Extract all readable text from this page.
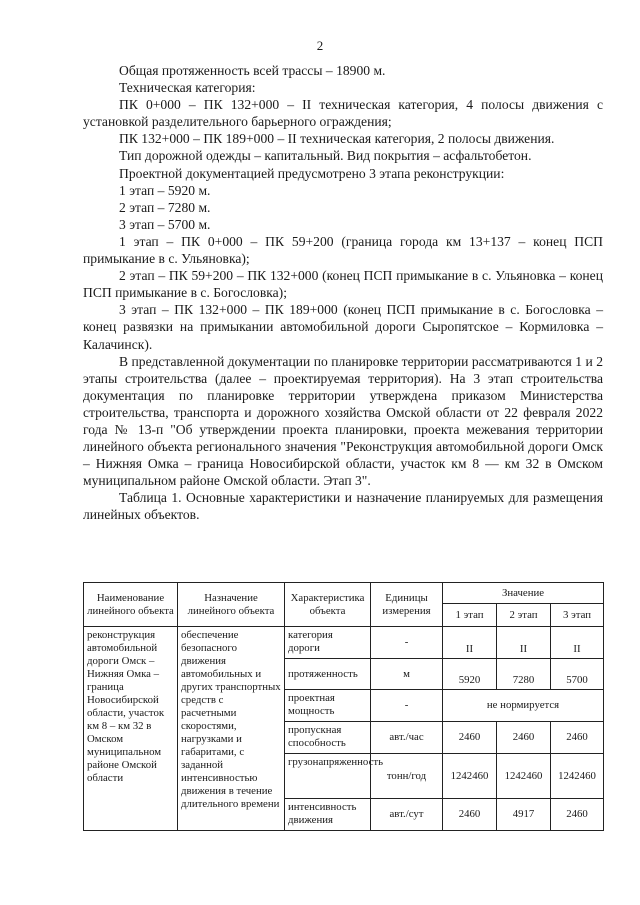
2

Общая протяженность всей трассы – 18900 м.

Техническая категория:

ПК 0+000 – ПК 132+000 – II техническая категория, 4 полосы движения с установкой разделительного барьерного ограждения;

ПК 132+000 – ПК 189+000 – II техническая категория, 2 полосы движения.

Тип дорожной одежды – капитальный. Вид покрытия – асфальтобетон.

Проектной документацией предусмотрено 3 этапа реконструкции:

1 этап – 5920 м.

2 этап – 7280 м.

3 этап – 5700 м.

1 этап – ПК 0+000 – ПК 59+200 (граница города км 13+137 – конец ПСП примыкание в с. Ульяновка);

2 этап – ПК 59+200 – ПК 132+000 (конец ПСП примыкание в с. Ульяновка – конец ПСП примыкание в с. Богословка);

3 этап – ПК 132+000 – ПК 189+000 (конец ПСП примыкание в с. Богословка – конец развязки на примыкании автомобильной дороги Сыропятское – Кормиловка – Калачинск).

В представленной документации по планировке территории рассматриваются 1 и 2 этапы строительства (далее – проектируемая территория). На 3 этап строительства документация по планировке территории утверждена приказом Министерства строительства, транспорта и дорожного хозяйства Омской области от 22 февраля 2022 года № 13-п "Об утверждении проекта планировки, проекта межевания территории линейного объекта регионального значения "Реконструкция автомобильной дороги Омск – Нижняя Омка – граница Новосибирской области, участок км 8 — км 32 в Омском муниципальном районе Омской области. Этап 3".

Таблица 1. Основные характеристики и назначение планируемых для размещения линейных объектов.

Наименование линейного объекта	Назначение линейного объекта	Характеристика объекта	Единицы измерения	Значение		
				1 этап	2 этап	3 этап
реконструкция автомобильной дороги Омск – Нижняя Омка – граница Новосибирской области, участок км 8 – км 32 в Омском муниципальном районе Омской области	обеспечение безопасного движения автомобильных и других транспортных средств с расчетными скоростями, нагрузками и габаритами, с заданной интенсивностью движения в течение длительного времени	категория дороги	-	II	II	II
		протяженность	м	5920	7280	5700
		проектная мощность	-	не нормируется		
		пропускная способность	авт./час	2460	2460	2460
		грузонапряженность	тонн/год	1242460	1242460	1242460
		интенсивность движения	авт./сут	2460	4917	2460
